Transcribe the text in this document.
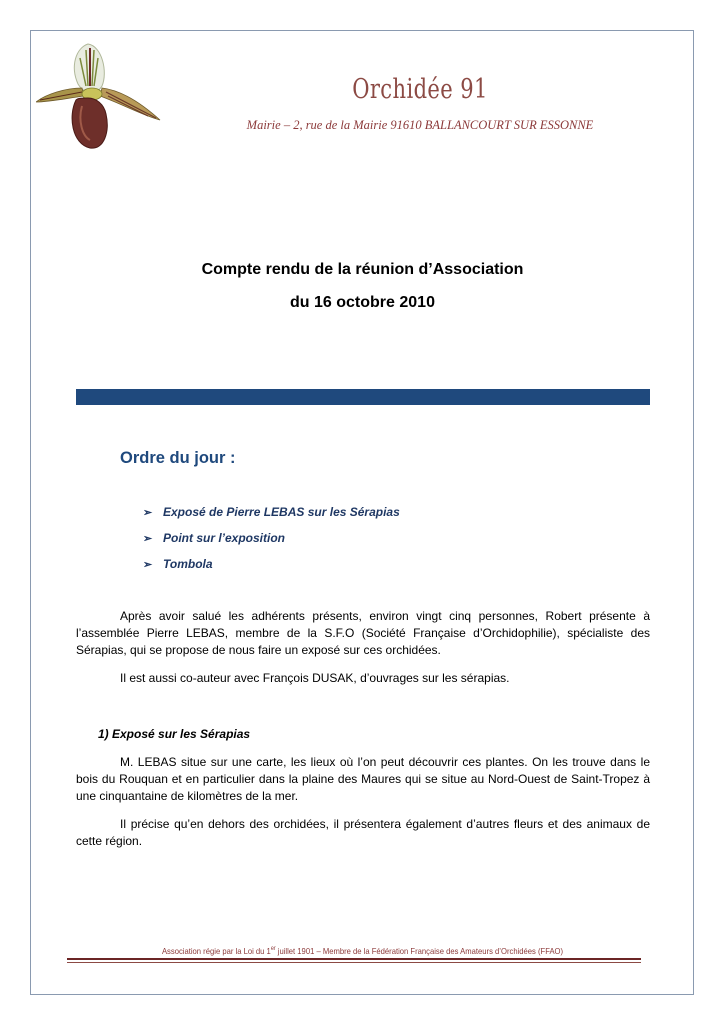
Orchidée 91
Mairie – 2, rue de la Mairie 91610 BALLANCOURT SUR ESSONNE
Compte rendu de la réunion d’Association
du 16 octobre 2010
Ordre du jour :
➢ Exposé de Pierre LEBAS sur les Sérapias
➢ Point sur l’exposition
➢ Tombola

Après avoir salué les adhérents présents, environ vingt cinq personnes, Robert présente à l’assemblée Pierre LEBAS, membre de la S.F.O (Société Française d’Orchidophilie), spécialiste des Sérapias, qui se propose de nous faire un exposé sur ces orchidées.

Il est aussi co-auteur avec François DUSAK, d’ouvrages sur les sérapias.

1) Exposé sur les Sérapias

M. LEBAS situe sur une carte, les lieux où l’on peut découvrir ces plantes. On les trouve dans le bois du Rouquan et en particulier dans la plaine des Maures qui se situe au Nord-Ouest de Saint-Tropez à une cinquantaine de kilomètres de la mer.

Il précise qu’en dehors des orchidées, il présentera également d’autres fleurs et des animaux de cette région.

Association régie par la Loi du 1er juillet 1901 – Membre de la Fédération Française des Amateurs d’Orchidées (FFAO)
